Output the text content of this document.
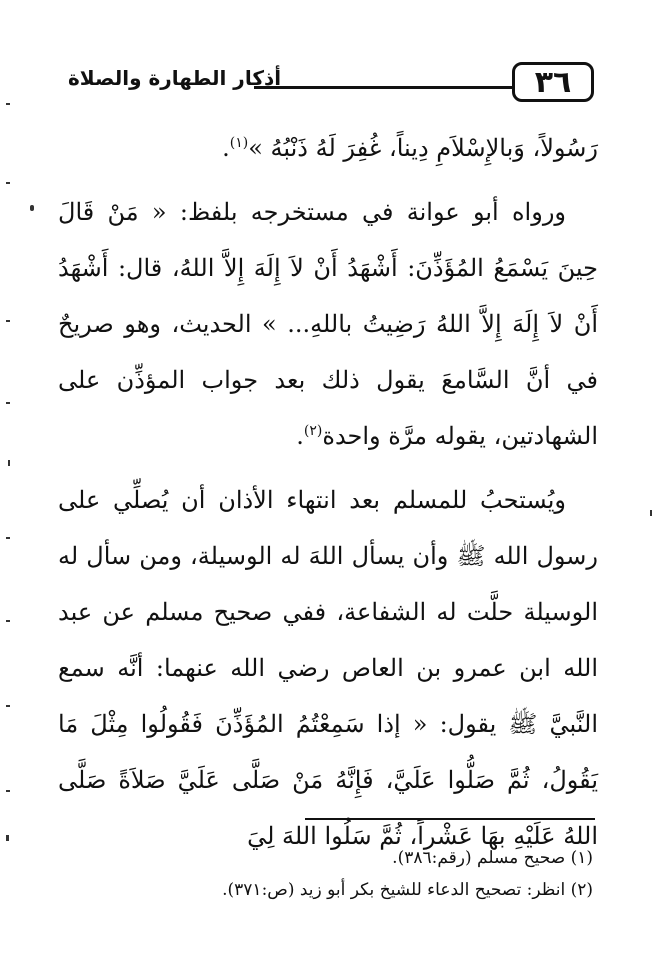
٣٦
أذكار الطهارة والصلاة

رَسُولاً، وَبالإِسْلاَمِ دِيناً، غُفِرَ لَهُ ذَنْبُهُ »$^{(١)}$.

ورواه أبو عوانة في مستخرجه بلفظ: « مَنْ قَالَ حِينَ يَسْمَعُ المُؤَذِّنَ: أَشْهَدُ أَنْ لاَ إِلَهَ إِلاَّ اللهُ، قال: أَشْهَدُ أَنْ لاَ إِلَهَ إِلاَّ اللهُ رَضِيتُ باللهِ... » الحديث، وهو صريحٌ في أنَّ السَّامعَ يقول ذلك بعد جواب المؤذِّن على الشهادتين، يقوله مرَّة واحدة$^{(٢)}$.

ويُستحبُ للمسلم بعد انتهاء الأذان أن يُصلِّي على رسول الله ﷺ وأن يسأل اللهَ له الوسيلة، ومن سأل له الوسيلة حلَّت له الشفاعة، ففي صحيح مسلم عن عبد الله ابن عمرو بن العاص رضي الله عنهما: أنَّه سمع النَّبيَّ ﷺ يقول: « إذا سَمِعْتُمُ المُؤَذِّنَ فَقُولُوا مِثْلَ مَا يَقُولُ، ثُمَّ صَلُّوا عَلَيَّ، فَإِنَّهُ مَنْ صَلَّى عَلَيَّ صَلاَةً صَلَّى اللهُ عَلَيْهِ بهَا عَشْراً، ثُمَّ سَلُوا اللهَ لِيَ

(١) صحيح مسلم (رقم:٣٨٦).

(٢) انظر: تصحيح الدعاء للشيخ بكر أبو زيد (ص:٣٧١).
